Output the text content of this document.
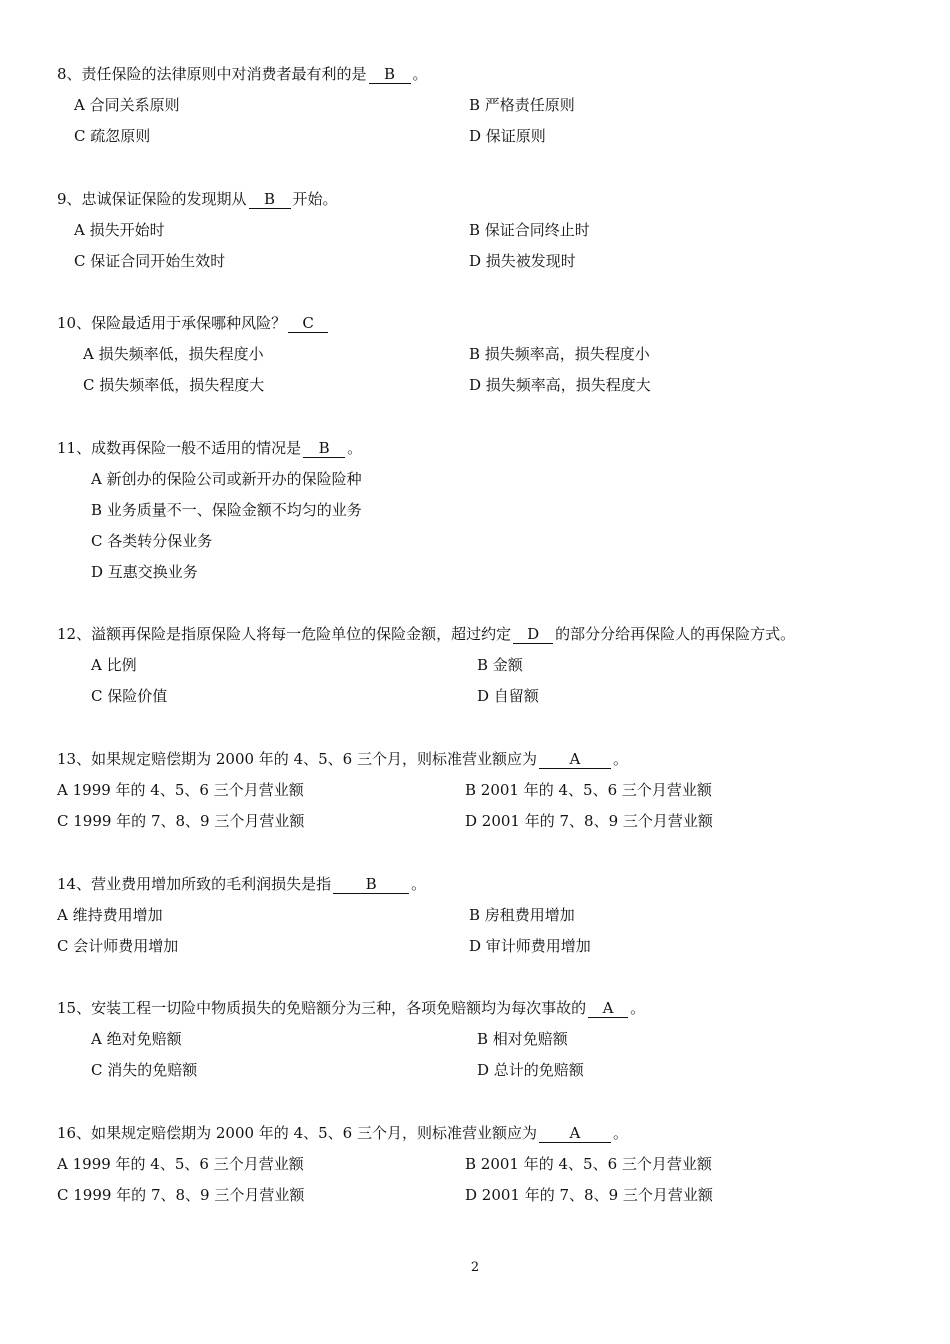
8、责任保险的法律原则中对消费者最有利的是 B 。
A 合同关系原则	B 严格责任原则
C 疏忽原则	D 保证原则
9、忠诚保证保险的发现期从 B 开始。
A 损失开始时	B 保证合同终止时
C 保证合同开始生效时	D 损失被发现时
10、保险最适用于承保哪种风险？ C
A 损失频率低，损失程度小	B 损失频率高，损失程度小
C 损失频率低，损失程度大	D 损失频率高，损失程度大
11、成数再保险一般不适用的情况是 B 。
A 新创办的保险公司或新开办的保险险种
B 业务质量不一、保险金额不均匀的业务
C 各类转分保业务
D 互惠交换业务
12、溢额再保险是指原保险人将每一危险单位的保险金额，超过约定 D 的部分分给再保险人的再保险方式。
A 比例	B 金额
C 保险价值	D 自留额
13、如果规定赔偿期为 2000 年的 4、5、6 三个月，则标准营业额应为 A 。
A 1999 年的 4、5、6 三个月营业额	B 2001 年的 4、5、6 三个月营业额
C 1999 年的 7、8、9 三个月营业额	D 2001 年的 7、8、9 三个月营业额
14、营业费用增加所致的毛利润损失是指 B 。
A 维持费用增加	B 房租费用增加
C 会计师费用增加	D 审计师费用增加
15、安装工程一切险中物质损失的免赔额分为三种，各项免赔额均为每次事故的 A 。
A 绝对免赔额	B 相对免赔额
C 消失的免赔额	D 总计的免赔额
16、如果规定赔偿期为 2000 年的 4、5、6 三个月，则标准营业额应为 A 。
A 1999 年的 4、5、6 三个月营业额	B 2001 年的 4、5、6 三个月营业额
C 1999 年的 7、8、9 三个月营业额	D 2001 年的 7、8、9 三个月营业额
2
